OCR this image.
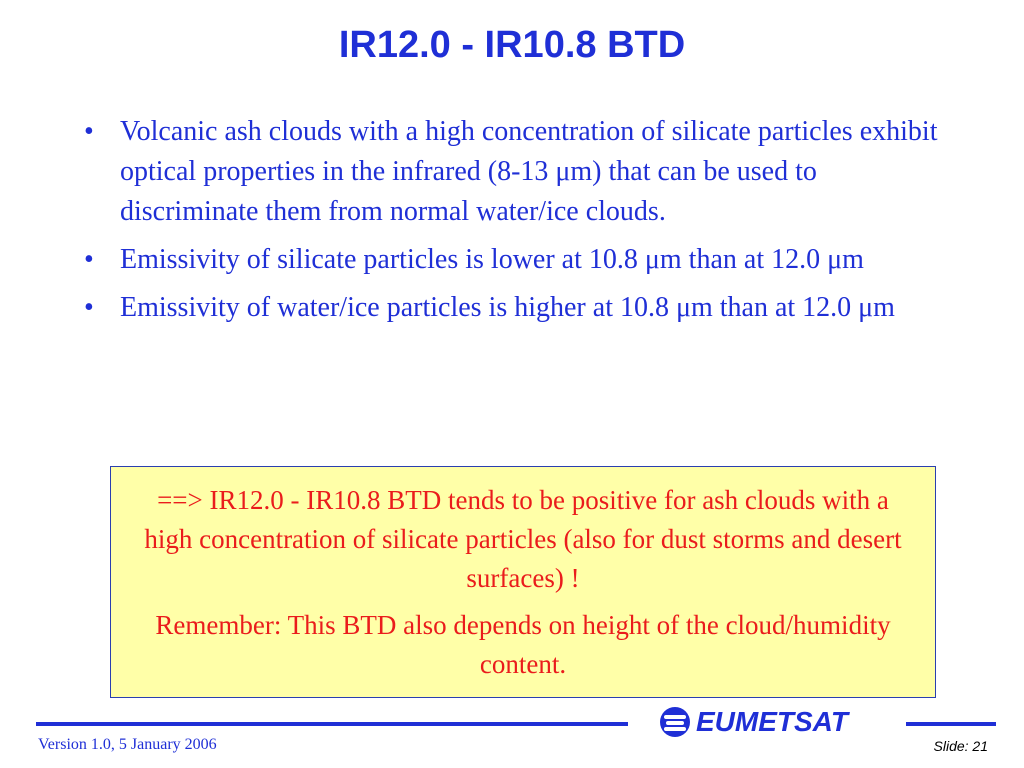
IR12.0 - IR10.8 BTD
• Volcanic ash clouds with a high concentration of silicate particles exhibit optical properties in the infrared (8-13 μm) that can be used to discriminate them from normal water/ice clouds.
• Emissivity of silicate particles is lower at 10.8 μm than at 12.0 μm
• Emissivity of water/ice particles is higher at 10.8 μm than at 12.0 μm

==> IR12.0 - IR10.8 BTD tends to be positive for ash clouds with a high concentration of silicate particles (also for dust storms and desert surfaces) !

Remember: This BTD also depends on height of the cloud/humidity content.

EUMETSAT
Version 1.0, 5 January 2006	Slide: 21
